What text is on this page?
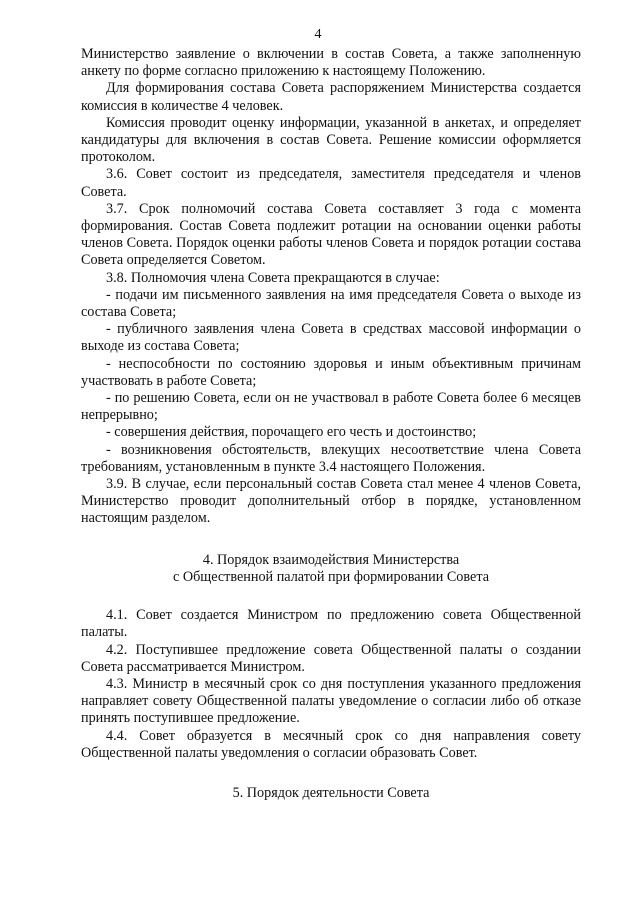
4

Министерство заявление о включении в состав Совета, а также заполненную анкету по форме согласно приложению к настоящему Положению.

Для формирования состава Совета распоряжением Министерства создается комиссия в количестве 4 человек.

Комиссия проводит оценку информации, указанной в анкетах, и определяет кандидатуры для включения в состав Совета. Решение комиссии оформляется протоколом.

3.6. Совет состоит из председателя, заместителя председателя и членов Совета.

3.7. Срок полномочий состава Совета составляет 3 года с момента формирования. Состав Совета подлежит ротации на основании оценки работы членов Совета. Порядок оценки работы членов Совета и порядок ротации состава Совета определяется Советом.

3.8. Полномочия члена Совета прекращаются в случае:

- подачи им письменного заявления на имя председателя Совета о выходе из состава Совета;

- публичного заявления члена Совета в средствах массовой информации о выходе из состава Совета;

- неспособности по состоянию здоровья и иным объективным причинам участвовать в работе Совета;

- по решению Совета, если он не участвовал в работе Совета более 6 месяцев непрерывно;

- совершения действия, порочащего его честь и достоинство;

- возникновения обстоятельств, влекущих несоответствие члена Совета требованиям, установленным в пункте 3.4 настоящего Положения.

3.9. В случае, если персональный состав Совета стал менее 4 членов Совета, Министерство проводит дополнительный отбор в порядке, установленном настоящим разделом.

4. Порядок взаимодействия Министерства
с Общественной палатой при формировании Совета

4.1. Совет создается Министром по предложению совета Общественной палаты.

4.2. Поступившее предложение совета Общественной палаты о создании Совета рассматривается Министром.

4.3. Министр в месячный срок со дня поступления указанного предложения направляет совету Общественной палаты уведомление о согласии либо об отказе принять поступившее предложение.

4.4. Совет образуется в месячный срок со дня направления совету Общественной палаты уведомления о согласии образовать Совет.

5. Порядок деятельности Совета
